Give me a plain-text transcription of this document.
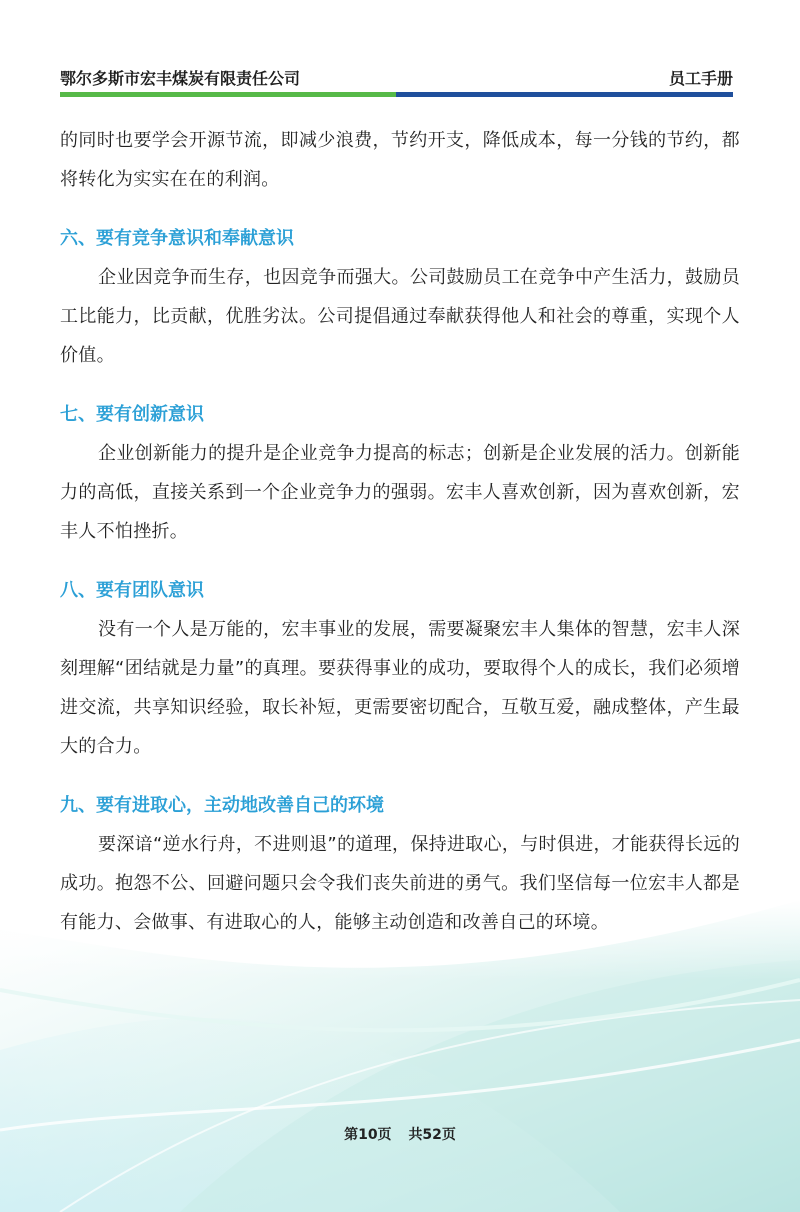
鄂尔多斯市宏丰煤炭有限责任公司	员工手册

的同时也要学会开源节流，即减少浪费，节约开支，降低成本，每一分钱的节约，都将转化为实实在在的利润。

六、要有竞争意识和奉献意识

企业因竞争而生存，也因竞争而强大。公司鼓励员工在竞争中产生活力，鼓励员工比能力，比贡献，优胜劣汰。公司提倡通过奉献获得他人和社会的尊重，实现个人价值。

七、要有创新意识

企业创新能力的提升是企业竞争力提高的标志；创新是企业发展的活力。创新能力的高低，直接关系到一个企业竞争力的强弱。宏丰人喜欢创新，因为喜欢创新，宏丰人不怕挫折。

八、要有团队意识

没有一个人是万能的，宏丰事业的发展，需要凝聚宏丰人集体的智慧，宏丰人深刻理解“团结就是力量”的真理。要获得事业的成功，要取得个人的成长，我们必须增进交流，共享知识经验，取长补短，更需要密切配合，互敬互爱，融成整体，产生最大的合力。

九、要有进取心，主动地改善自己的环境

要深谙“逆水行舟，不进则退”的道理，保持进取心，与时俱进，才能获得长远的成功。抱怨不公、回避问题只会令我们丧失前进的勇气。我们坚信每一位宏丰人都是有能力、会做事、有进取心的人，能够主动创造和改善自己的环境。

第10页 共52页
